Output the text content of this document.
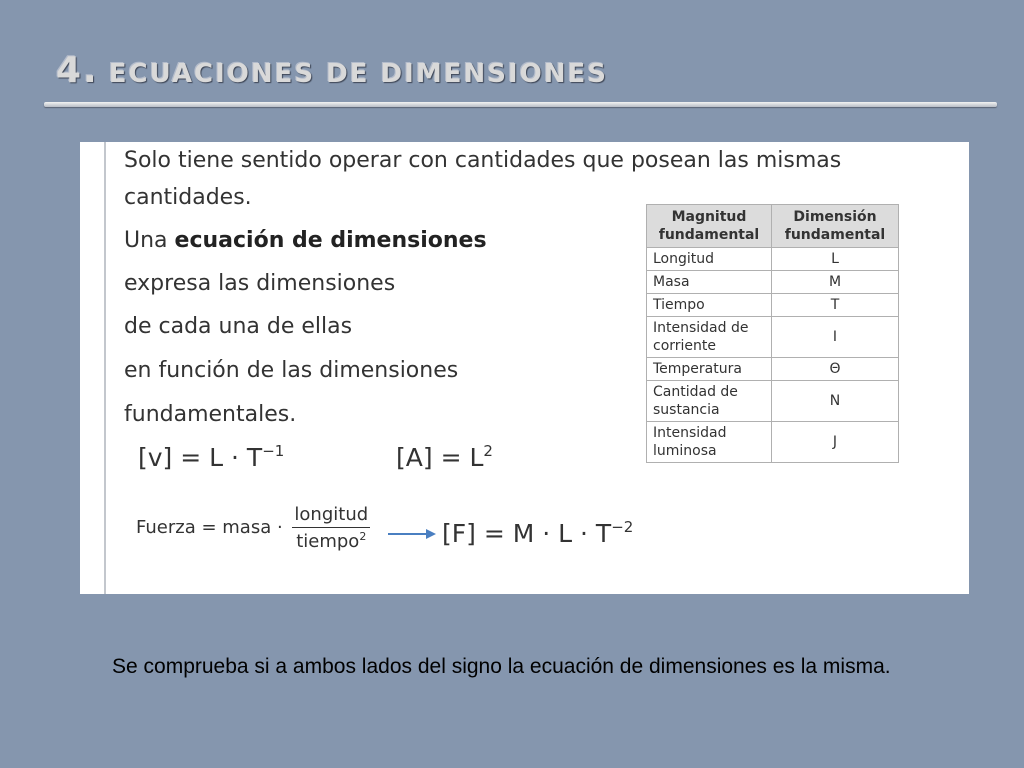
4. ECUACIONES DE DIMENSIONES
Solo tiene sentido operar con cantidades que posean las mismas
cantidades.
Una ecuación de dimensiones
expresa las dimensiones
de cada una de ellas
en función de las dimensiones
fundamentales.
$[v] = L \cdot T^{-1}$	$[A] = L^2$
Fuerza = masa · $\frac{\text{longitud}}{tiempo^2}$	$[F] = M \cdot L \cdot T^{-2}$
Magnitud fundamental	Dimensión fundamental
Longitud	L
Masa	M
Tiempo	T
Intensidad de corriente	I
Temperatura	Θ
Cantidad de sustancia	N
Intensidad luminosa	J
Se comprueba si a ambos lados del signo la ecuación de dimensiones es la misma.
